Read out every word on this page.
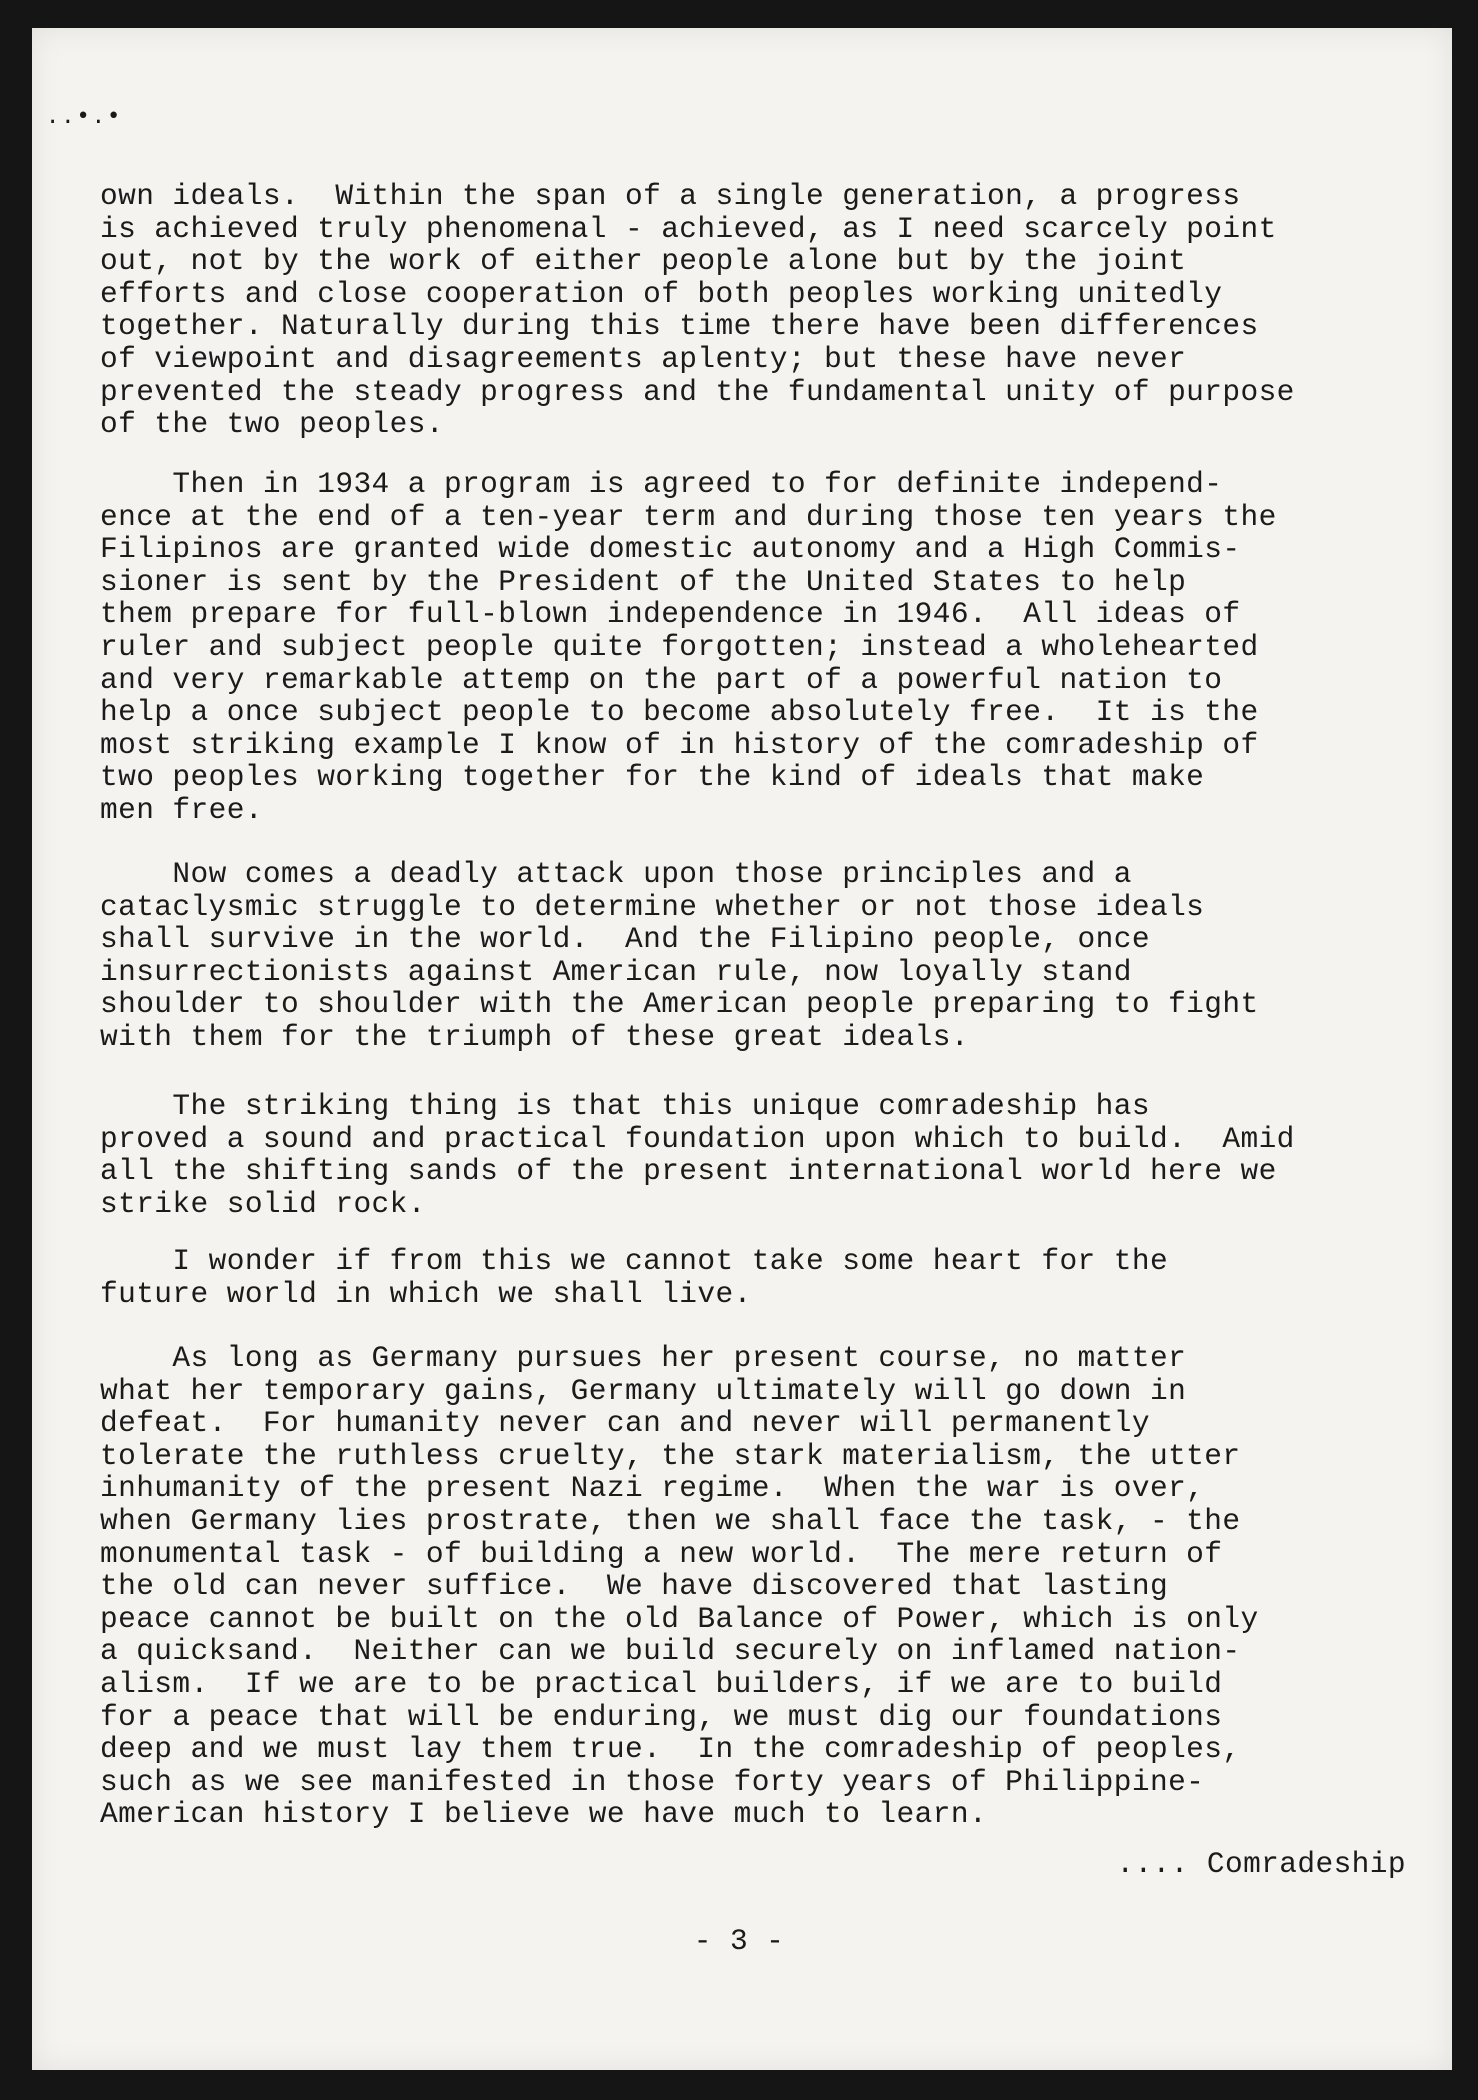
..•.•
own ideals.  Within the span of a single generation, a progress
is achieved truly phenomenal - achieved, as I need scarcely point
out, not by the work of either people alone but by the joint
efforts and close cooperation of both peoples working unitedly
together. Naturally during this time there have been differences
of viewpoint and disagreements aplenty; but these have never
prevented the steady progress and the fundamental unity of purpose
of the two peoples.
Then in 1934 a program is agreed to for definite independ-
ence at the end of a ten-year term and during those ten years the
Filipinos are granted wide domestic autonomy and a High Commis-
sioner is sent by the President of the United States to help
them prepare for full-blown independence in 1946.  All ideas of
ruler and subject people quite forgotten; instead a wholehearted
and very remarkable attemp on the part of a powerful nation to
help a once subject people to become absolutely free.  It is the
most striking example I know of in history of the comradeship of
two peoples working together for the kind of ideals that make
men free.
Now comes a deadly attack upon those principles and a
cataclysmic struggle to determine whether or not those ideals
shall survive in the world.  And the Filipino people, once
insurrectionists against American rule, now loyally stand
shoulder to shoulder with the American people preparing to fight
with them for the triumph of these great ideals.
The striking thing is that this unique comradeship has
proved a sound and practical foundation upon which to build.  Amid
all the shifting sands of the present international world here we
strike solid rock.
I wonder if from this we cannot take some heart for the
future world in which we shall live.
As long as Germany pursues her present course, no matter
what her temporary gains, Germany ultimately will go down in
defeat.  For humanity never can and never will permanently
tolerate the ruthless cruelty, the stark materialism, the utter
inhumanity of the present Nazi regime.  When the war is over,
when Germany lies prostrate, then we shall face the task, - the
monumental task - of building a new world.  The mere return of
the old can never suffice.  We have discovered that lasting
peace cannot be built on the old Balance of Power, which is only
a quicksand.  Neither can we build securely on inflamed nation-
alism.  If we are to be practical builders, if we are to build
for a peace that will be enduring, we must dig our foundations
deep and we must lay them true.  In the comradeship of peoples,
such as we see manifested in those forty years of Philippine-
American history I believe we have much to learn.
.... Comradeship
- 3 -
